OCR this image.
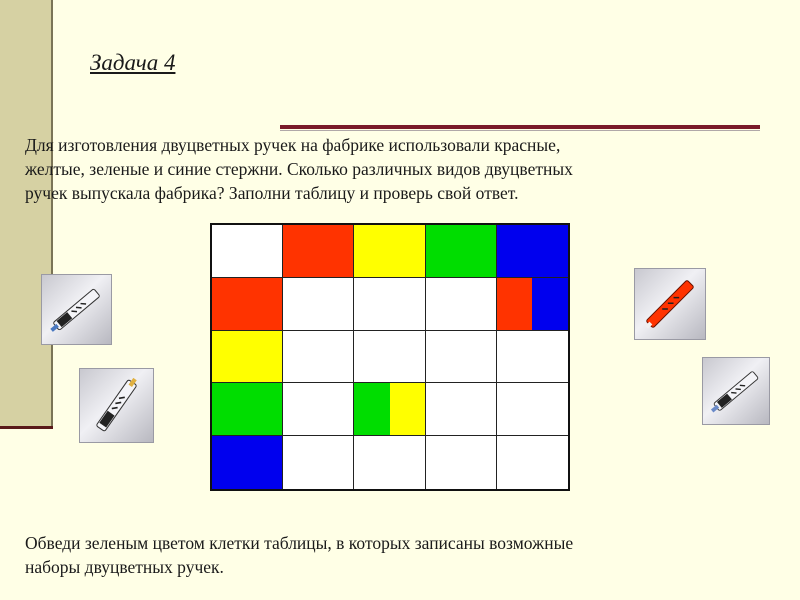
Задача 4

Для изготовления двуцветных ручек на фабрике использовали красные,
желтые, зеленые и синие стержни. Сколько различных видов двуцветных
ручек выпускала фабрика? Заполни таблицу и проверь свой ответ.

Обведи зеленым цветом клетки таблицы, в которых записаны возможные
наборы двуцветных ручек.
